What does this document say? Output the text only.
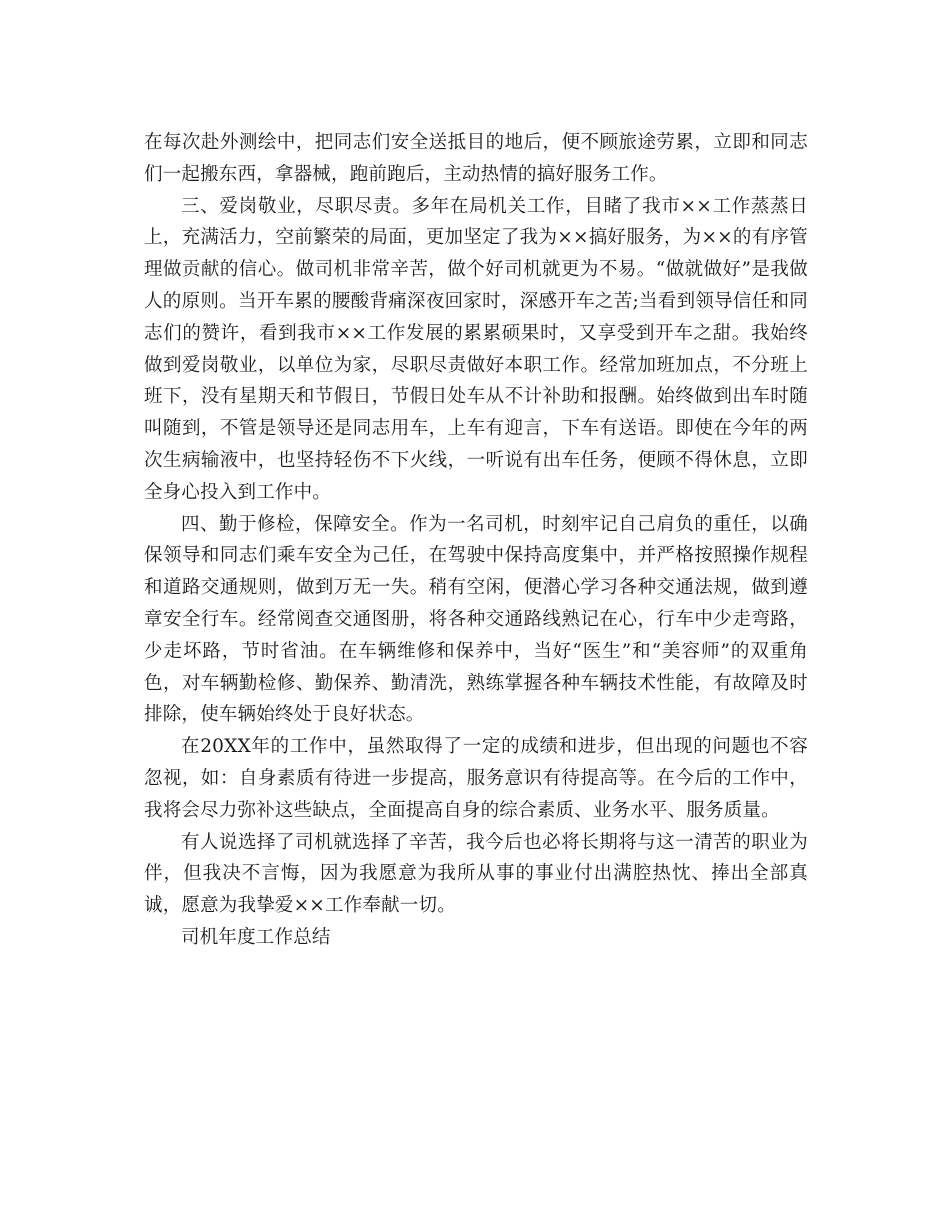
在每次赴外测绘中，把同志们安全送抵目的地后，便不顾旅途劳累，立即和同志们一起搬东西，拿器械，跑前跑后，主动热情的搞好服务工作。

三、爱岗敬业，尽职尽责。多年在局机关工作，目睹了我市××工作蒸蒸日上，充满活力，空前繁荣的局面，更加坚定了我为××搞好服务，为××的有序管理做贡献的信心。做司机非常辛苦，做个好司机就更为不易。“做就做好”是我做人的原则。当开车累的腰酸背痛深夜回家时，深感开车之苦;当看到领导信任和同志们的赞许，看到我市××工作发展的累累硕果时，又享受到开车之甜。我始终做到爱岗敬业，以单位为家，尽职尽责做好本职工作。经常加班加点，不分班上班下，没有星期天和节假日，节假日处车从不计补助和报酬。始终做到出车时随叫随到，不管是领导还是同志用车，上车有迎言，下车有送语。即使在今年的两次生病输液中，也坚持轻伤不下火线，一听说有出车任务，便顾不得休息，立即全身心投入到工作中。

四、勤于修检，保障安全。作为一名司机，时刻牢记自己肩负的重任，以确保领导和同志们乘车安全为己任，在驾驶中保持高度集中，并严格按照操作规程和道路交通规则，做到万无一失。稍有空闲，便潜心学习各种交通法规，做到遵章安全行车。经常阅查交通图册，将各种交通路线熟记在心，行车中少走弯路，少走坏路，节时省油。在车辆维修和保养中，当好“医生”和“美容师”的双重角色，对车辆勤检修、勤保养、勤清洗，熟练掌握各种车辆技术性能，有故障及时排除，使车辆始终处于良好状态。

在20XX年的工作中，虽然取得了一定的成绩和进步，但出现的问题也不容忽视，如：自身素质有待进一步提高，服务意识有待提高等。在今后的工作中，我将会尽力弥补这些缺点，全面提高自身的综合素质、业务水平、服务质量。

有人说选择了司机就选择了辛苦，我今后也必将长期将与这一清苦的职业为伴，但我决不言悔，因为我愿意为我所从事的事业付出满腔热忱、捧出全部真诚，愿意为我挚爱××工作奉献一切。

司机年度工作总结
